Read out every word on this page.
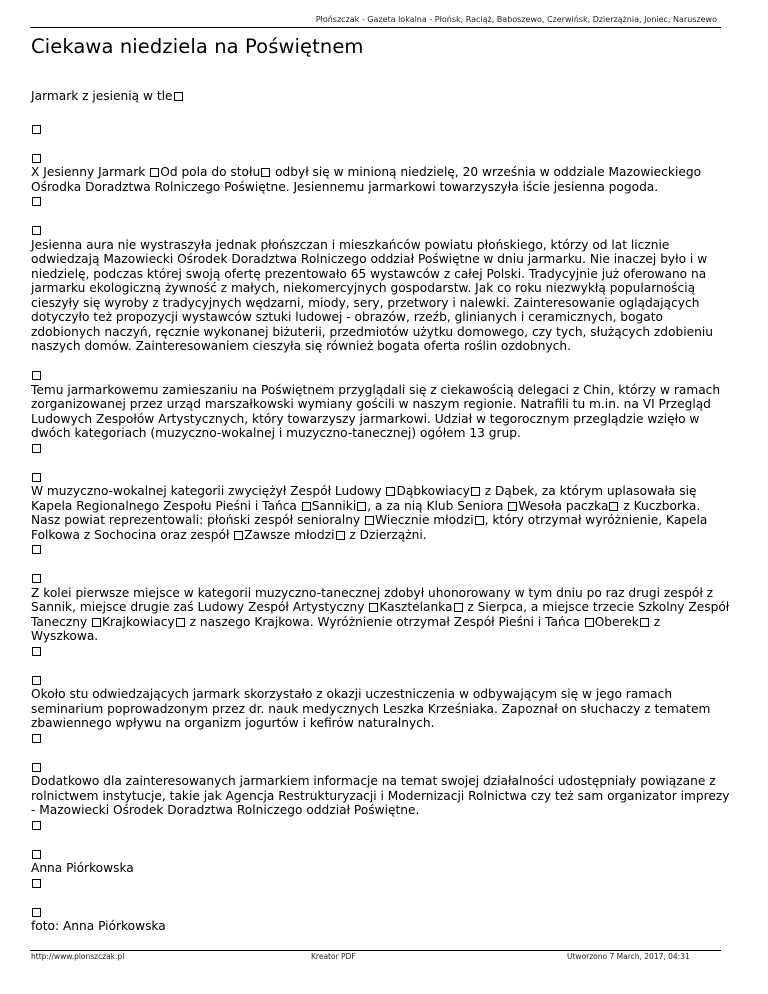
Płońszczak - Gazeta lokalna - Płońsk, Raciąż, Baboszewo, Czerwińsk, Dzierzążnia, Joniec, Naruszewo
Ciekawa niedziela na Poświętnem

Jarmark z jesienią w tle

X Jesienny Jarmark Od pola do stołu odbył się w minioną niedzielę, 20 września w oddziale Mazowieckiego Ośrodka Doradztwa Rolniczego Poświętne. Jesiennemu jarmarkowi towarzyszyła iście jesienna pogoda.

Jesienna aura nie wystraszyła jednak płońszczan i mieszkańców powiatu płońskiego, którzy od lat licznie odwiedzają Mazowiecki Ośrodek Doradztwa Rolniczego oddział Poświętne w dniu jarmarku. Nie inaczej było i w niedzielę, podczas której swoją ofertę prezentowało 65 wystawców z całej Polski. Tradycyjnie już oferowano na jarmarku ekologiczną żywność z małych, niekomercyjnych gospodarstw. Jak co roku niezwykłą popularnością cieszyły się wyroby z tradycyjnych wędzarni, miody, sery, przetwory i nalewki. Zainteresowanie oglądających dotyczyło też propozycji wystawców sztuki ludowej - obrazów, rzeźb, glinianych i ceramicznych, bogato zdobionych naczyń, ręcznie wykonanej biżuterii, przedmiotów użytku domowego, czy tych, służących zdobieniu naszych domów. Zainteresowaniem cieszyła się również bogata oferta roślin ozdobnych.

Temu jarmarkowemu zamieszaniu na Poświętnem przyglądali się z ciekawością delegaci z Chin, którzy w ramach zorganizowanej przez urząd marszałkowski wymiany gościli w naszym regionie. Natrafili tu m.in. na VI Przegląd Ludowych Zespołów Artystycznych, który towarzyszy jarmarkowi. Udział w tegorocznym przeglądzie wzięło w dwóch kategoriach (muzyczno-wokalnej i muzyczno-tanecznej) ogółem 13 grup.

W muzyczno-wokalnej kategorii zwyciężył Zespół Ludowy Dąbkowiacy z Dąbek, za którym uplasowała się Kapela Regionalnego Zespołu Pieśni i Tańca Sanniki , a za nią Klub Seniora Wesoła paczka z Kuczborka. Nasz powiat reprezentowali: płoński zespół senioralny Wiecznie młodzi , który otrzymał wyróżnienie, Kapela Folkowa z Sochocina oraz zespół Zawsze młodzi z Dzierzążni.

Z kolei pierwsze miejsce w kategorii muzyczno-tanecznej zdobył uhonorowany w tym dniu po raz drugi zespół z Sannik, miejsce drugie zaś Ludowy Zespół Artystyczny Kasztelanka z Sierpca, a miejsce trzecie Szkolny Zespół Taneczny Krajkowiacy z naszego Krajkowa. Wyróżnienie otrzymał Zespół Pieśni i Tańca Oberek z Wyszkowa.

Około stu odwiedzających jarmark skorzystało z okazji uczestniczenia w odbywającym się w jego ramach seminarium poprowadzonym przez dr. nauk medycznych Leszka Krześniaka. Zapoznał on słuchaczy z tematem zbawiennego wpływu na organizm jogurtów i kefirów naturalnych.

Dodatkowo dla zainteresowanych jarmarkiem informacje na temat swojej działalności udostępniały powiązane z rolnictwem instytucje, takie jak Agencja Restrukturyzacji i Modernizacji Rolnictwa czy też sam organizator imprezy - Mazowiecki Ośrodek Doradztwa Rolniczego oddział Poświętne.

Anna Piórkowska

foto: Anna Piórkowska

http://www.plonszczak.pl	Kreator PDF	Utworzono 7 March, 2017, 04:31
